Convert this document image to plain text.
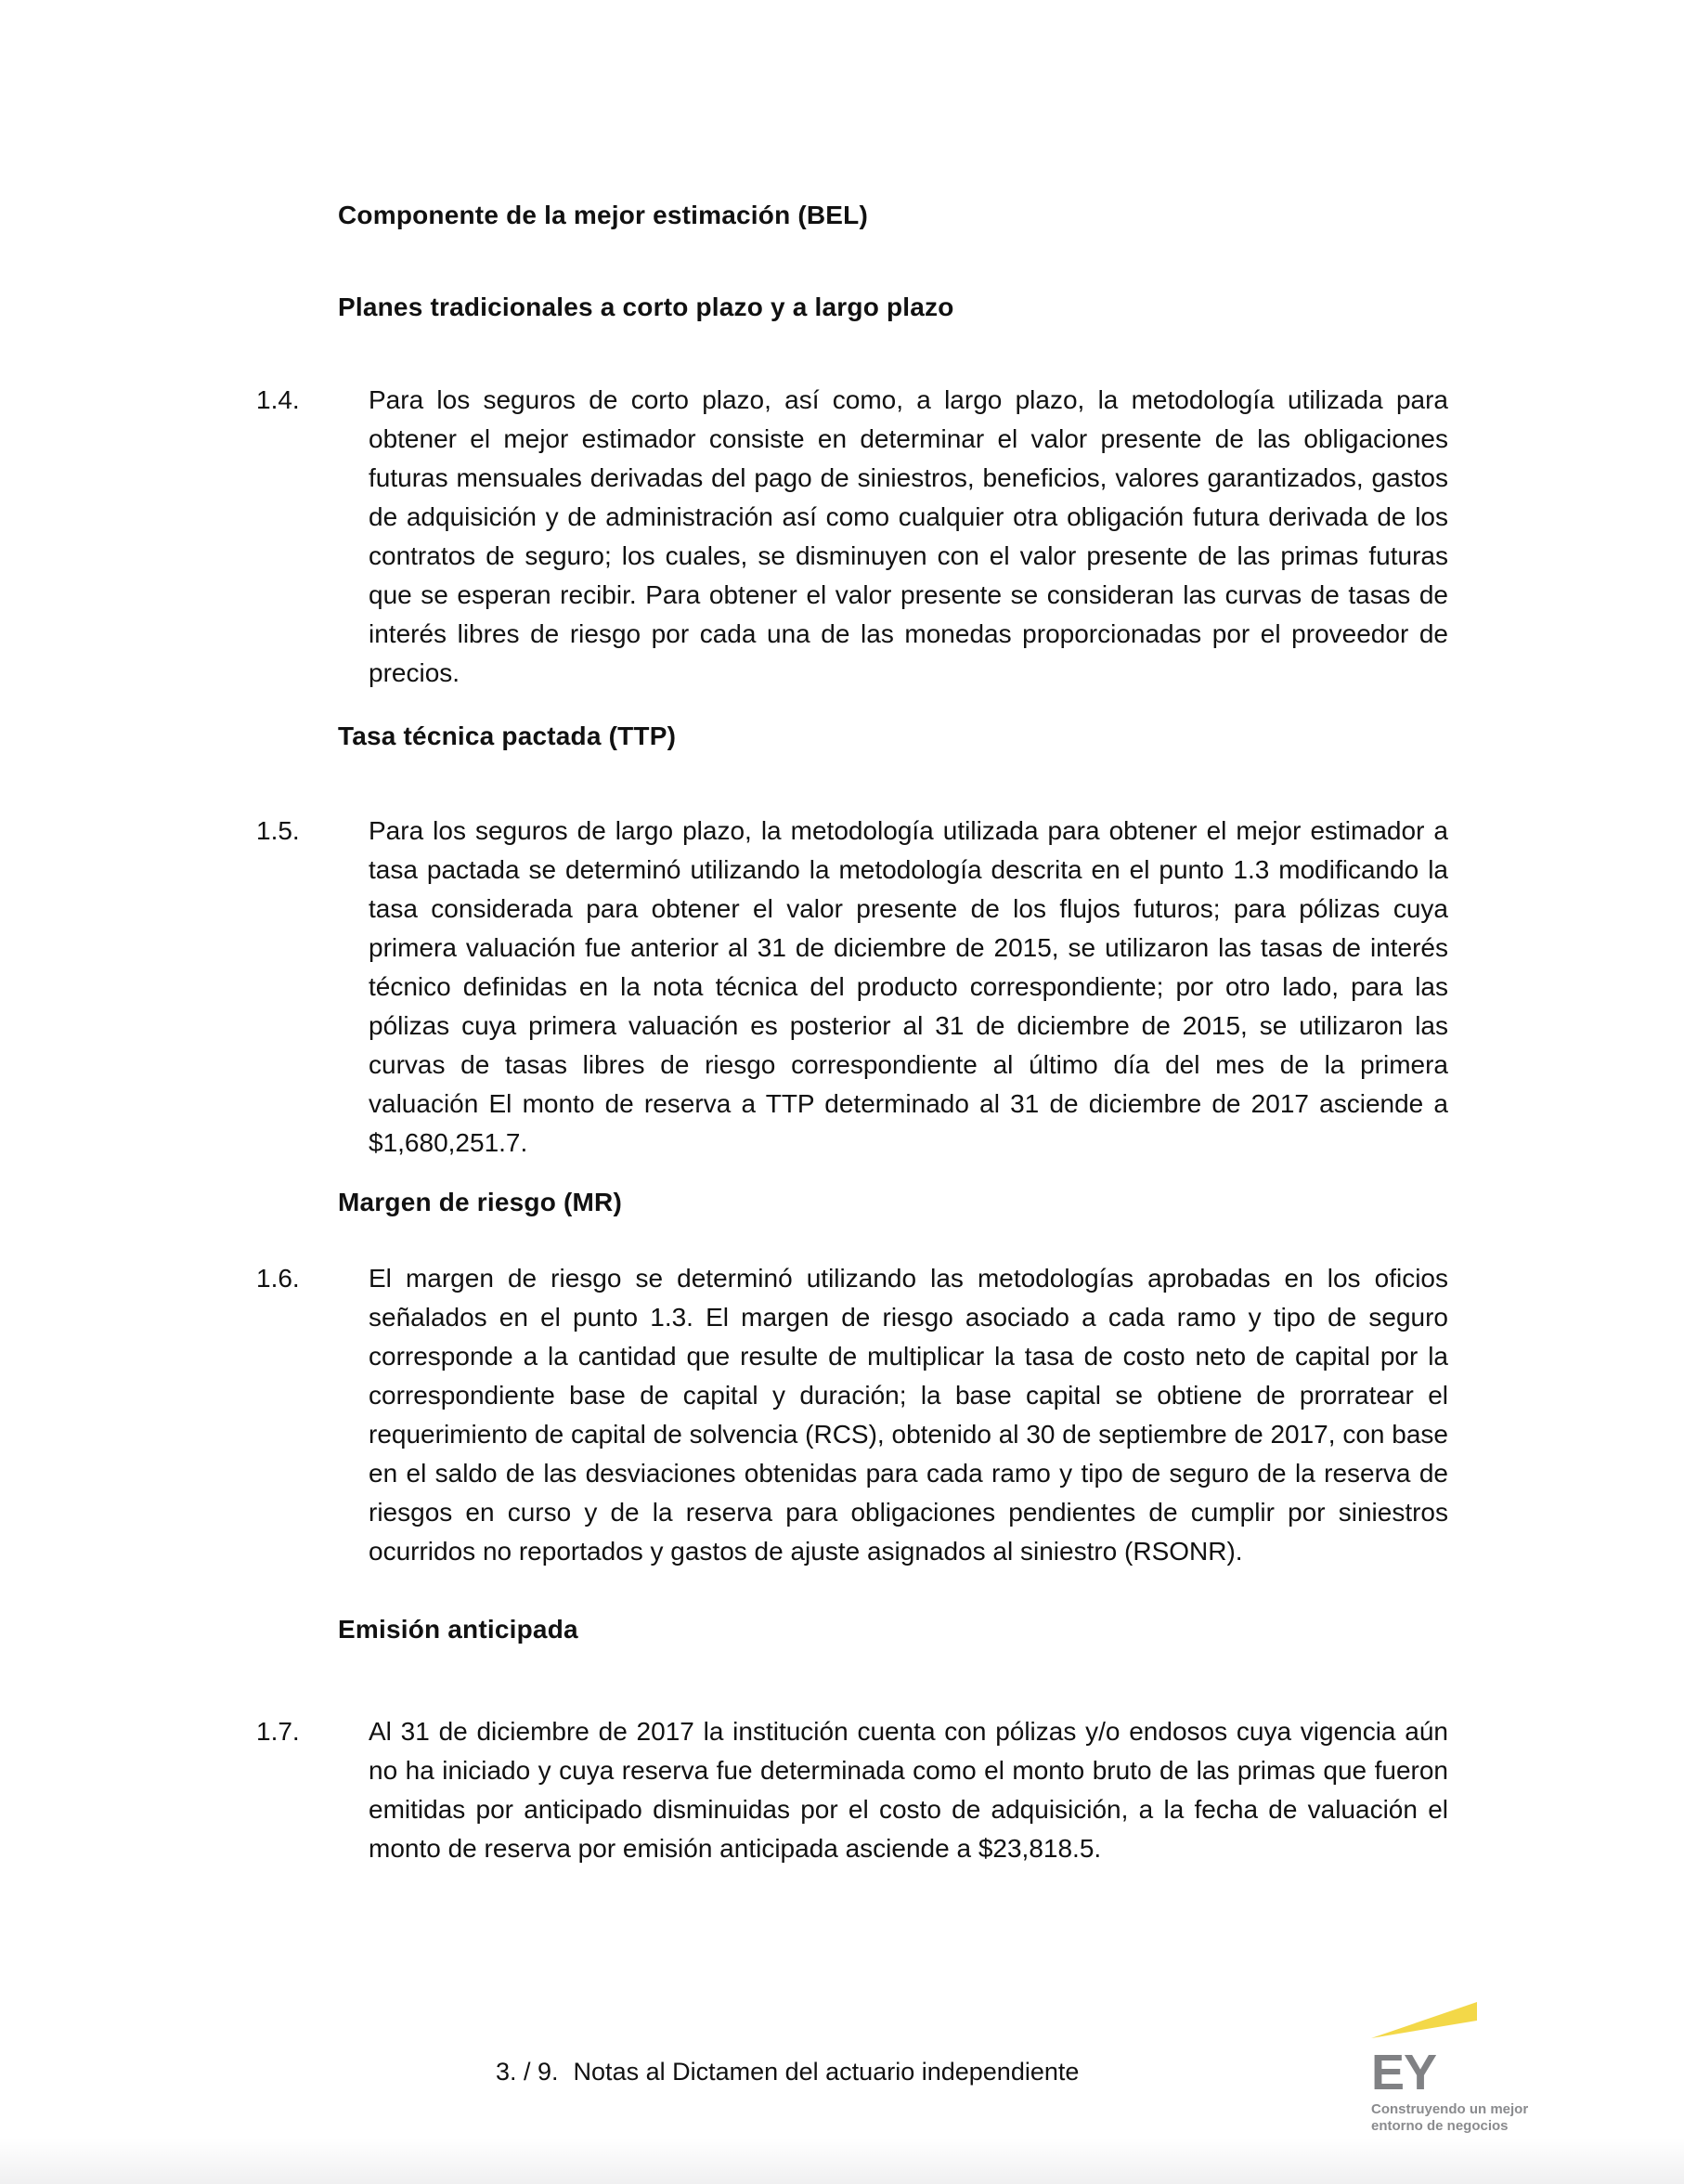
Componente de la mejor estimación (BEL)
Planes tradicionales a corto plazo y a largo plazo
1.4.	Para los seguros de corto plazo, así como, a largo plazo, la metodología utilizada para obtener el mejor estimador consiste en determinar el valor presente de las obligaciones futuras mensuales derivadas del pago de siniestros, beneficios, valores garantizados, gastos de adquisición y de administración así como cualquier otra obligación futura derivada de los contratos de seguro; los cuales, se disminuyen con el valor presente de las primas futuras que se esperan recibir. Para obtener el valor presente se consideran las curvas de tasas de interés libres de riesgo por cada una de las monedas proporcionadas por el proveedor de precios.

Tasa técnica pactada (TTP)
1.5.	Para los seguros de largo plazo, la metodología utilizada para obtener el mejor estimador a tasa pactada se determinó utilizando la metodología descrita en el punto 1.3 modificando la tasa considerada para obtener el valor presente de los flujos futuros; para pólizas cuya primera valuación fue anterior al 31 de diciembre de 2015, se utilizaron las tasas de interés técnico definidas en la nota técnica del producto correspondiente; por otro lado, para las pólizas cuya primera valuación es posterior al 31 de diciembre de 2015, se utilizaron las curvas de tasas libres de riesgo correspondiente al último día del mes de la primera valuación El monto de reserva a TTP determinado al 31 de diciembre de 2017 asciende a $1,680,251.7.

Margen de riesgo (MR)
1.6.	El margen de riesgo se determinó utilizando las metodologías aprobadas en los oficios señalados en el punto 1.3. El margen de riesgo asociado a cada ramo y tipo de seguro corresponde a la cantidad que resulte de multiplicar la tasa de costo neto de capital por la correspondiente base de capital y duración; la base capital se obtiene de prorratear el requerimiento de capital de solvencia (RCS), obtenido al 30 de septiembre de 2017, con base en el saldo de las desviaciones obtenidas para cada ramo y tipo de seguro de la reserva de riesgos en curso y de la reserva para obligaciones pendientes de cumplir por siniestros ocurridos no reportados y gastos de ajuste asignados al siniestro (RSONR).

Emisión anticipada
1.7.	Al 31 de diciembre de 2017 la institución cuenta con pólizas y/o endosos cuya vigencia aún no ha iniciado y cuya reserva fue determinada como el monto bruto de las primas que fueron emitidas por anticipado disminuidas por el costo de adquisición, a la fecha de valuación el monto de reserva por emisión anticipada asciende a $23,818.5.

3. / 9. Notas al Dictamen del actuario independiente	EY
Construyendo un mejor
entorno de negocios
